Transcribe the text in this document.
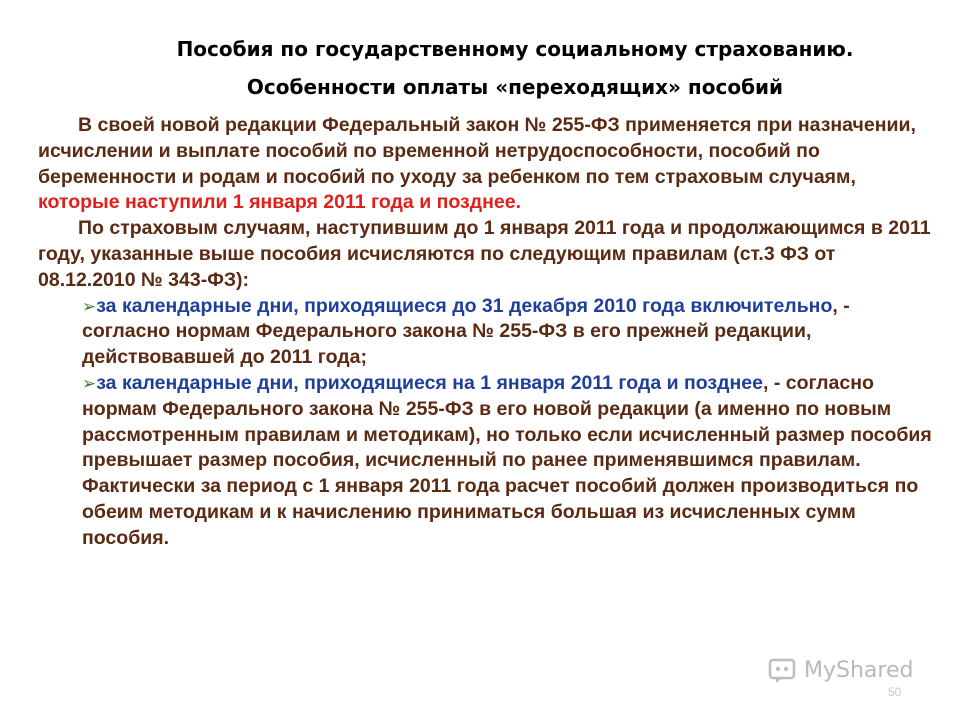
Пособия по государственному социальному страхованию.
Особенности оплаты «переходящих» пособий

В своей новой редакции Федеральный закон № 255-ФЗ применяется при назначении, исчислении и выплате пособий по временной нетрудоспособности, пособий по беременности и родам и пособий по уходу за ребенком по тем страховым случаям, которые наступили 1 января 2011 года и позднее.

По страховым случаям, наступившим до 1 января 2011 года и продолжающимся в 2011 году, указанные выше пособия исчисляются по следующим правилам (ст.3 ФЗ от 08.12.2010 № 343-ФЗ):

➢за календарные дни, приходящиеся до 31 декабря 2010 года включительно, - согласно нормам Федерального закона № 255-ФЗ в его прежней редакции, действовавшей до 2011 года;

➢за календарные дни, приходящиеся на 1 января 2011 года и позднее, - согласно нормам Федерального закона № 255-ФЗ в его новой редакции (а именно по новым рассмотренным правилам и методикам), но только если исчисленный размер пособия превышает размер пособия, исчисленный по ранее применявшимся правилам. Фактически за период с 1 января 2011 года расчет пособий должен производиться по обеим методикам и к начислению приниматься большая из исчисленных сумм пособия.

MyShared
50
